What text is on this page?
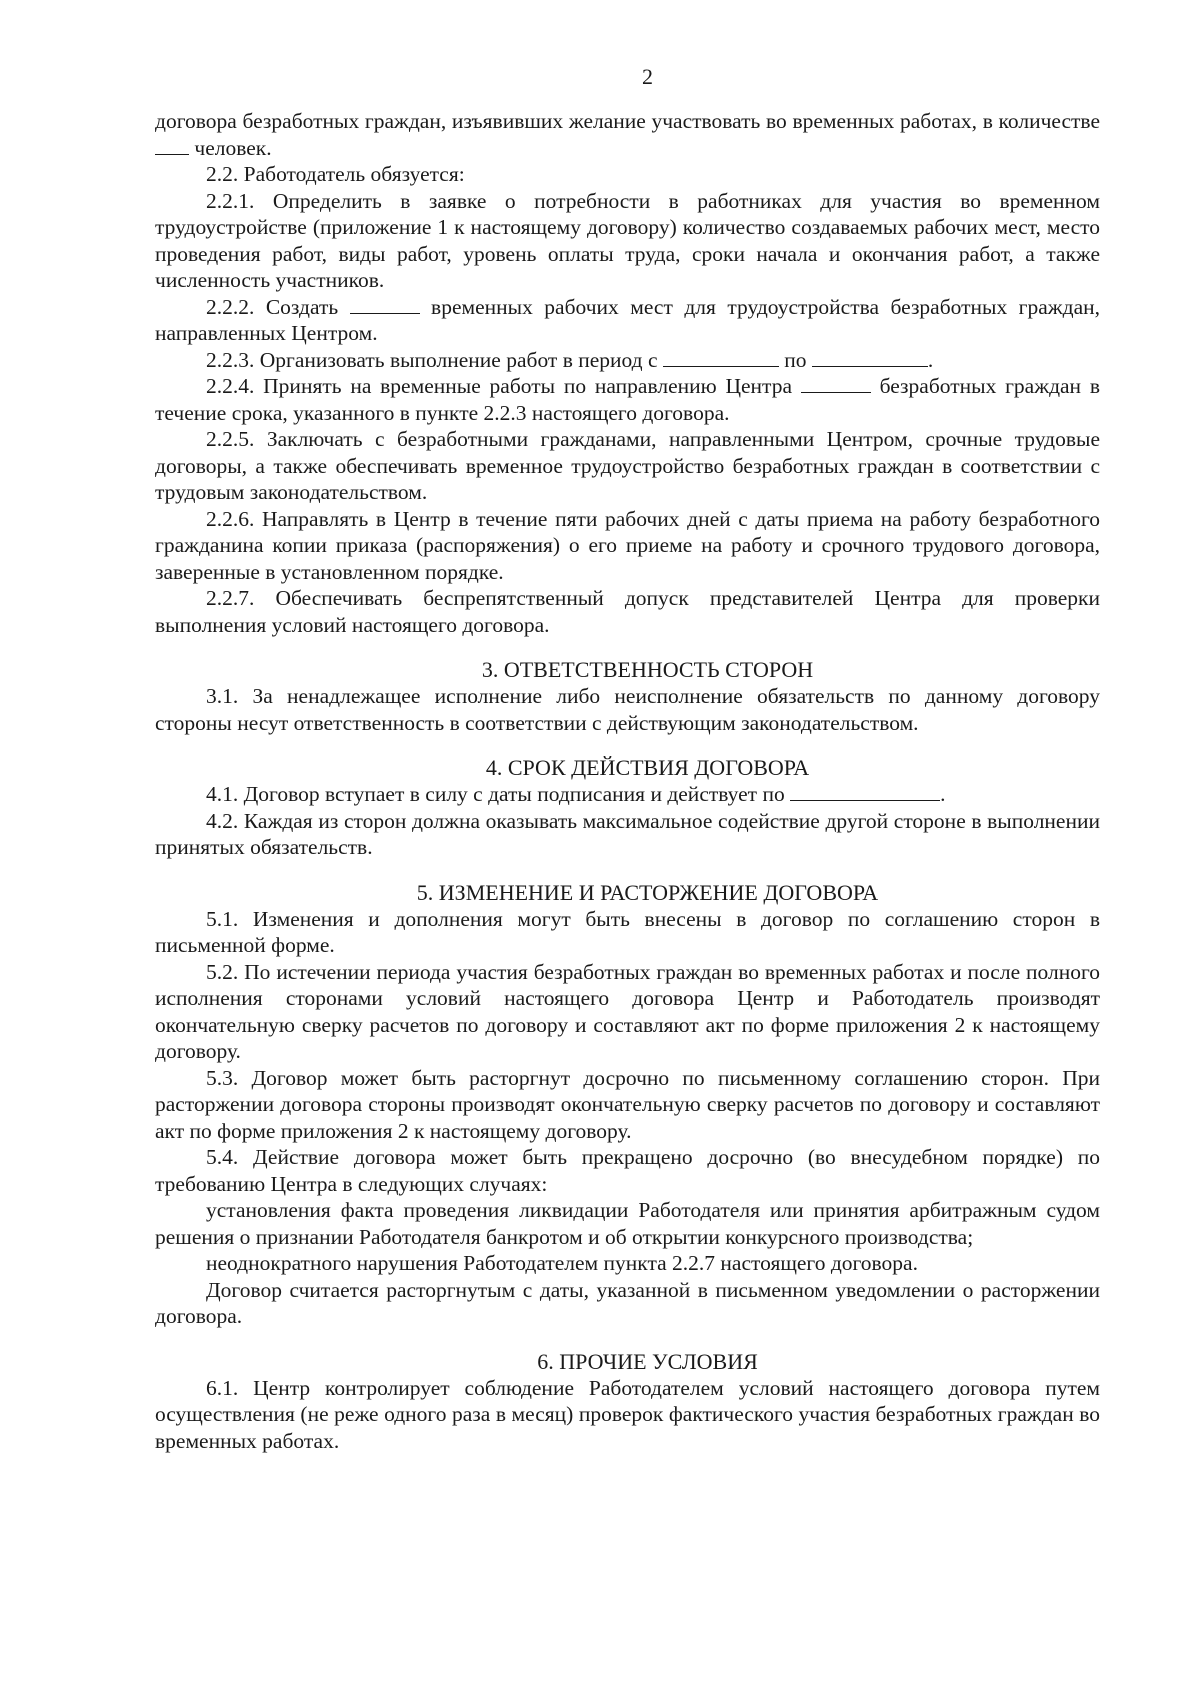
2

договора безработных граждан, изъявивших желание участвовать во временных работах, в количестве  человек.

2.2. Работодатель обязуется:

2.2.1. Определить в заявке о потребности в работниках для участия во временном трудоустройстве (приложение 1 к настоящему договору) количество создаваемых рабочих мест, место проведения работ, виды работ, уровень оплаты труда, сроки начала и окончания работ, а также численность участников.

2.2.2. Создать	временных рабочих мест для трудоустройства безработных граждан, направленных Центром.

2.2.3. Организовать выполнение работ в период с	по	.

2.2.4. Принять на временные работы по направлению Центра	безработных граждан в течение срока, указанного в пункте 2.2.3 настоящего договора.

2.2.5. Заключать с безработными гражданами, направленными Центром, срочные трудовые договоры, а также обеспечивать временное трудоустройство безработных граждан в соответствии с трудовым законодательством.

2.2.6. Направлять в Центр в течение пяти рабочих дней с даты приема на работу безработного гражданина копии приказа (распоряжения) о его приеме на работу и срочного трудового договора, заверенные в установленном порядке.

2.2.7. Обеспечивать беспрепятственный допуск представителей Центра для проверки выполнения условий настоящего договора.

3. ОТВЕТСТВЕННОСТЬ СТОРОН

3.1. За ненадлежащее исполнение либо неисполнение обязательств по данному договору стороны несут ответственность в соответствии с действующим законодательством.

4. СРОК ДЕЙСТВИЯ ДОГОВОРА

4.1. Договор вступает в силу с даты подписания и действует по	.

4.2. Каждая из сторон должна оказывать максимальное содействие другой стороне в выполнении принятых обязательств.

5. ИЗМЕНЕНИЕ И РАСТОРЖЕНИЕ ДОГОВОРА

5.1. Изменения и дополнения могут быть внесены в договор по соглашению сторон в письменной форме.

5.2. По истечении периода участия безработных граждан во временных работах и после полного исполнения сторонами условий настоящего договора Центр и Работодатель производят окончательную сверку расчетов по договору и составляют акт по форме приложения 2 к настоящему договору.

5.3. Договор может быть расторгнут досрочно по письменному соглашению сторон. При расторжении договора стороны производят окончательную сверку расчетов по договору и составляют акт по форме приложения 2 к настоящему договору.

5.4. Действие договора может быть прекращено досрочно (во внесудебном порядке) по требованию Центра в следующих случаях:

установления факта проведения ликвидации Работодателя или принятия арбитражным судом решения о признании Работодателя банкротом и об открытии конкурсного производства;

неоднократного нарушения Работодателем пункта 2.2.7 настоящего договора.

Договор считается расторгнутым с даты, указанной в письменном уведомлении о расторжении договора.

6. ПРОЧИЕ УСЛОВИЯ

6.1. Центр контролирует соблюдение Работодателем условий настоящего договора путем осуществления (не реже одного раза в месяц) проверок фактического участия безработных граждан во временных работах.
